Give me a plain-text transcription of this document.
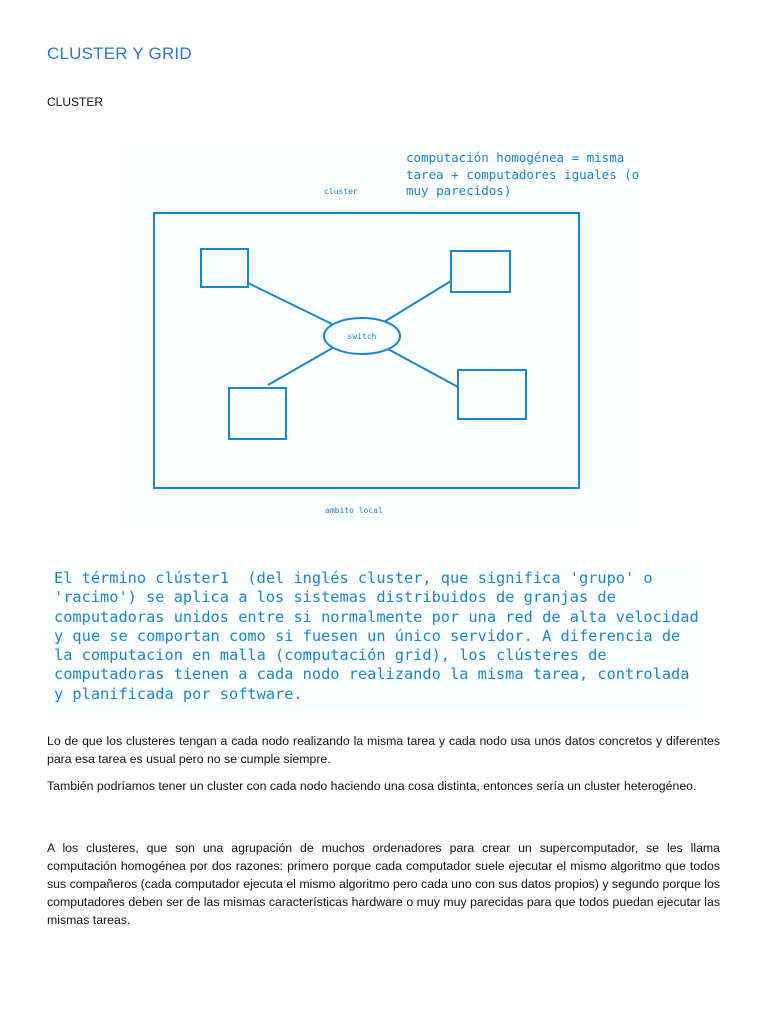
CLUSTER Y GRID
CLUSTER
cluster
switch
ambito local
computación homogénea = misma
tarea + computadores iguales (o
muy parecidos)

El término clúster1  (del inglés cluster, que significa 'grupo' o
'racimo') se aplica a los sistemas distribuidos de granjas de
computadoras unidos entre si normalmente por una red de alta velocidad
y que se comportan como si fuesen un único servidor. A diferencia de
la computacion en malla (computación grid), los clústeres de
computadoras tienen a cada nodo realizando la misma tarea, controlada
y planificada por software.

Lo de que los clusteres tengan a cada nodo realizando la misma tarea y cada nodo usa unos datos concretos y diferentes para esa tarea es usual pero no se cumple siempre.

También podríamos tener un cluster con cada nodo haciendo una cosa distinta, entonces sería un cluster heterogéneo.

A los clusteres, que son una agrupación de muchos ordenadores para crear un supercomputador, se les llama computación homogénea por dos razones: primero porque cada computador suele ejecutar el mismo algoritmo que todos sus compañeros (cada computador ejecuta el mismo algoritmo pero cada uno con sus datos propios) y segundo porque los computadores deben ser de las mismas características hardware o muy muy parecidas para que todos puedan ejecutar las mismas tareas.
